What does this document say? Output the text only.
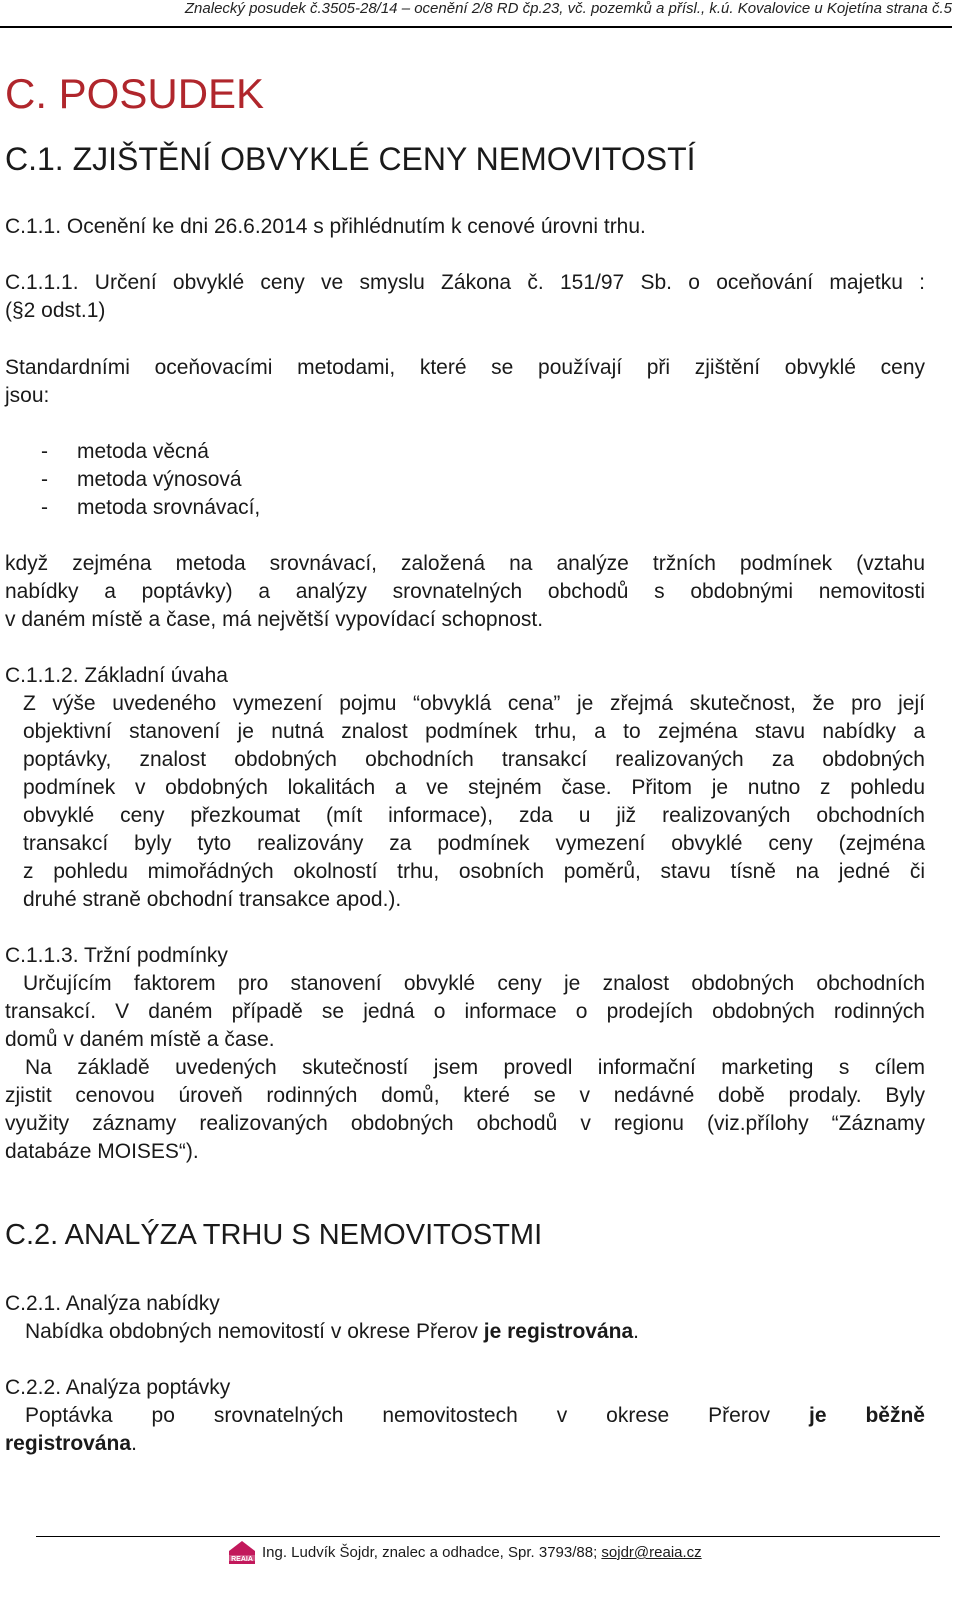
Znalecký posudek č.3505-28/14 – ocenění 2/8 RD čp.23, vč. pozemků a přísl., k.ú. Kovalovice u Kojetína strana č.5
C. POSUDEK
C.1. ZJIŠTĚNÍ OBVYKLÉ CENY NEMOVITOSTÍ
C.1.1. Ocenění ke dni 26.6.2014 s přihlédnutím k cenové úrovni trhu.
C.1.1.1. Určení obvyklé ceny ve smyslu Zákona č. 151/97 Sb. o oceňování majetku :
(§2 odst.1)
Standardními oceňovacími metodami, které se používají při zjištění obvyklé ceny
jsou:
- metoda věcná
- metoda výnosová
- metoda srovnávací,
když zejména metoda srovnávací, založená na analýze tržních podmínek (vztahu
nabídky a poptávky) a analýzy srovnatelných obchodů s obdobnými nemovitosti
v daném místě a čase, má největší vypovídací schopnost.
C.1.1.2. Základní úvaha
Z výše uvedeného vymezení pojmu “obvyklá cena” je zřejmá skutečnost, že pro její
objektivní stanovení je nutná znalost podmínek trhu, a to zejména stavu nabídky a
poptávky, znalost obdobných obchodních transakcí realizovaných za obdobných
podmínek v obdobných lokalitách a ve stejném čase. Přitom je nutno z pohledu
obvyklé ceny přezkoumat (mít informace), zda u již realizovaných obchodních
transakcí byly tyto realizovány za podmínek vymezení obvyklé ceny (zejména
z pohledu mimořádných okolností trhu, osobních poměrů, stavu tísně na jedné či
druhé straně obchodní transakce apod.).
C.1.1.3. Tržní podmínky
Určujícím faktorem pro stanovení obvyklé ceny je znalost obdobných obchodních
transakcí. V daném případě se jedná o informace o prodejích obdobných rodinných
domů v daném místě a čase.
Na základě uvedených skutečností jsem provedl informační marketing s cílem
zjistit cenovou úroveň rodinných domů, které se v nedávné době prodaly. Byly
využity záznamy realizovaných obdobných obchodů v regionu (viz.přílohy “Záznamy
databáze MOISES“).
C.2. ANALÝZA TRHU S NEMOVITOSTMI
C.2.1. Analýza nabídky
Nabídka obdobných nemovitostí v okrese Přerov je registrována.
C.2.2. Analýza poptávky
Poptávka po srovnatelných nemovitostech v okrese Přerov je běžně
registrována.
REAIA Ing. Ludvík Šojdr, znalec a odhadce, Spr. 3793/88; sojdr@reaia.cz
